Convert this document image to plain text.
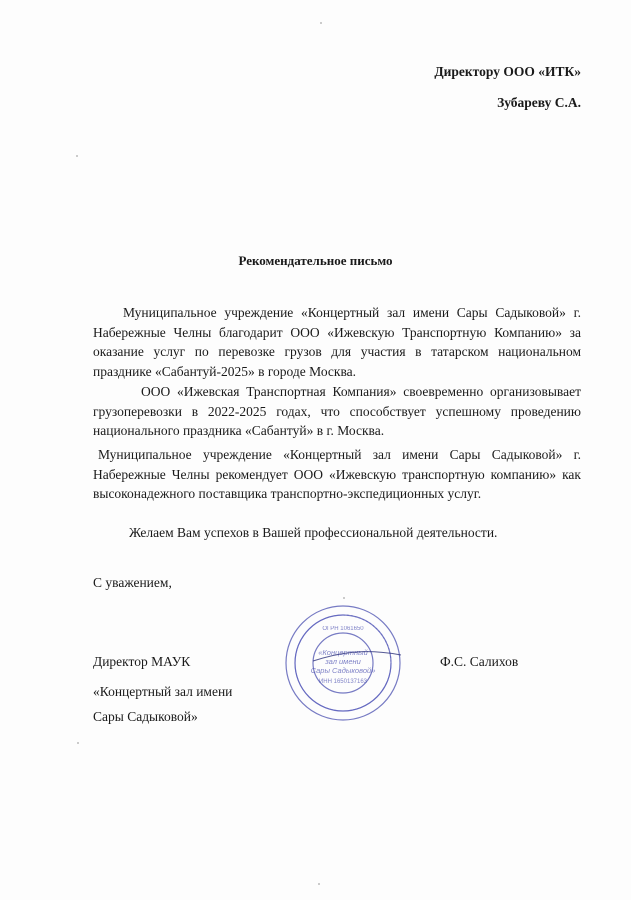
Директору ООО «ИТК»
Зубареву С.А.
Рекомендательное письмо
Муниципальное учреждение «Концертный зал имени Сары Садыковой» г. Набережные Челны благодарит ООО «Ижевскую Транспортную Компанию» за оказание услуг по перевозке грузов для участия в татарском национальном празднике «Сабантуй-2025» в городе Москва.
ООО «Ижевская Транспортная Компания» своевременно организовывает грузоперевозки в 2022-2025 годах, что способствует успешному проведению национального праздника «Сабантуй» в г. Москва.
Муниципальное учреждение «Концертный зал имени Сары Садыковой» г. Набережные Челны рекомендует ООО «Ижевскую транспортную компанию» как высоконадежного поставщика транспортно-экспедиционных услуг.
Желаем Вам успехов в Вашей профессиональной деятельности.
С уважением,
Директор МАУК
«Концертный зал имени
Сары Садыковой»
Ф.С. Салихов
ОГРН 1061650
«Концертный
зал имени
Сары Садыковой»
ИНН 1650137163
